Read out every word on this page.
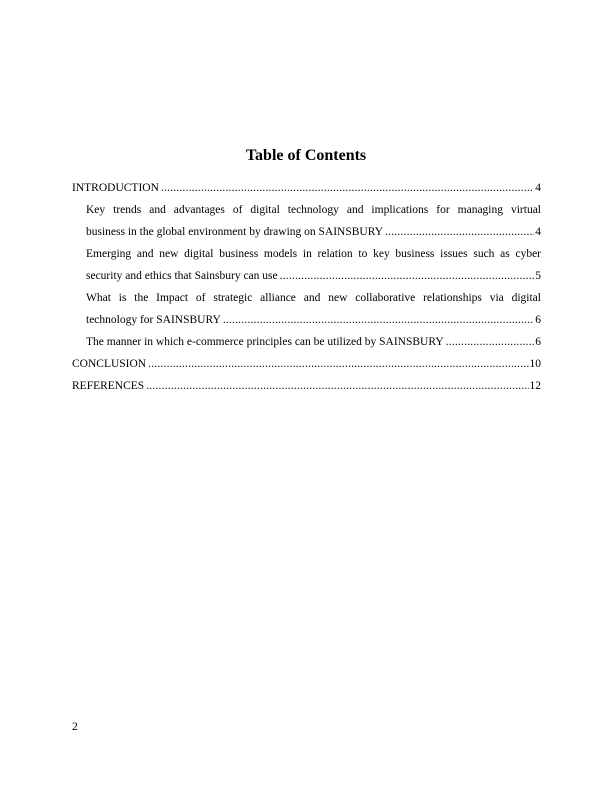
Table of Contents
INTRODUCTION .....	4
Key trends and advantages of digital technology and implications for managing virtual
business in the global environment by drawing on SAINSBURY .....	4
Emerging and new digital business models in relation to key business issues such as cyber
security and ethics that Sainsbury can use .....	5
What is the Impact of strategic alliance and new collaborative relationships via digital
technology for SAINSBURY .....	6
The manner in which e-commerce principles can be utilized by SAINSBURY .....	6
CONCLUSION .....	10
REFERENCES .....	12
2
